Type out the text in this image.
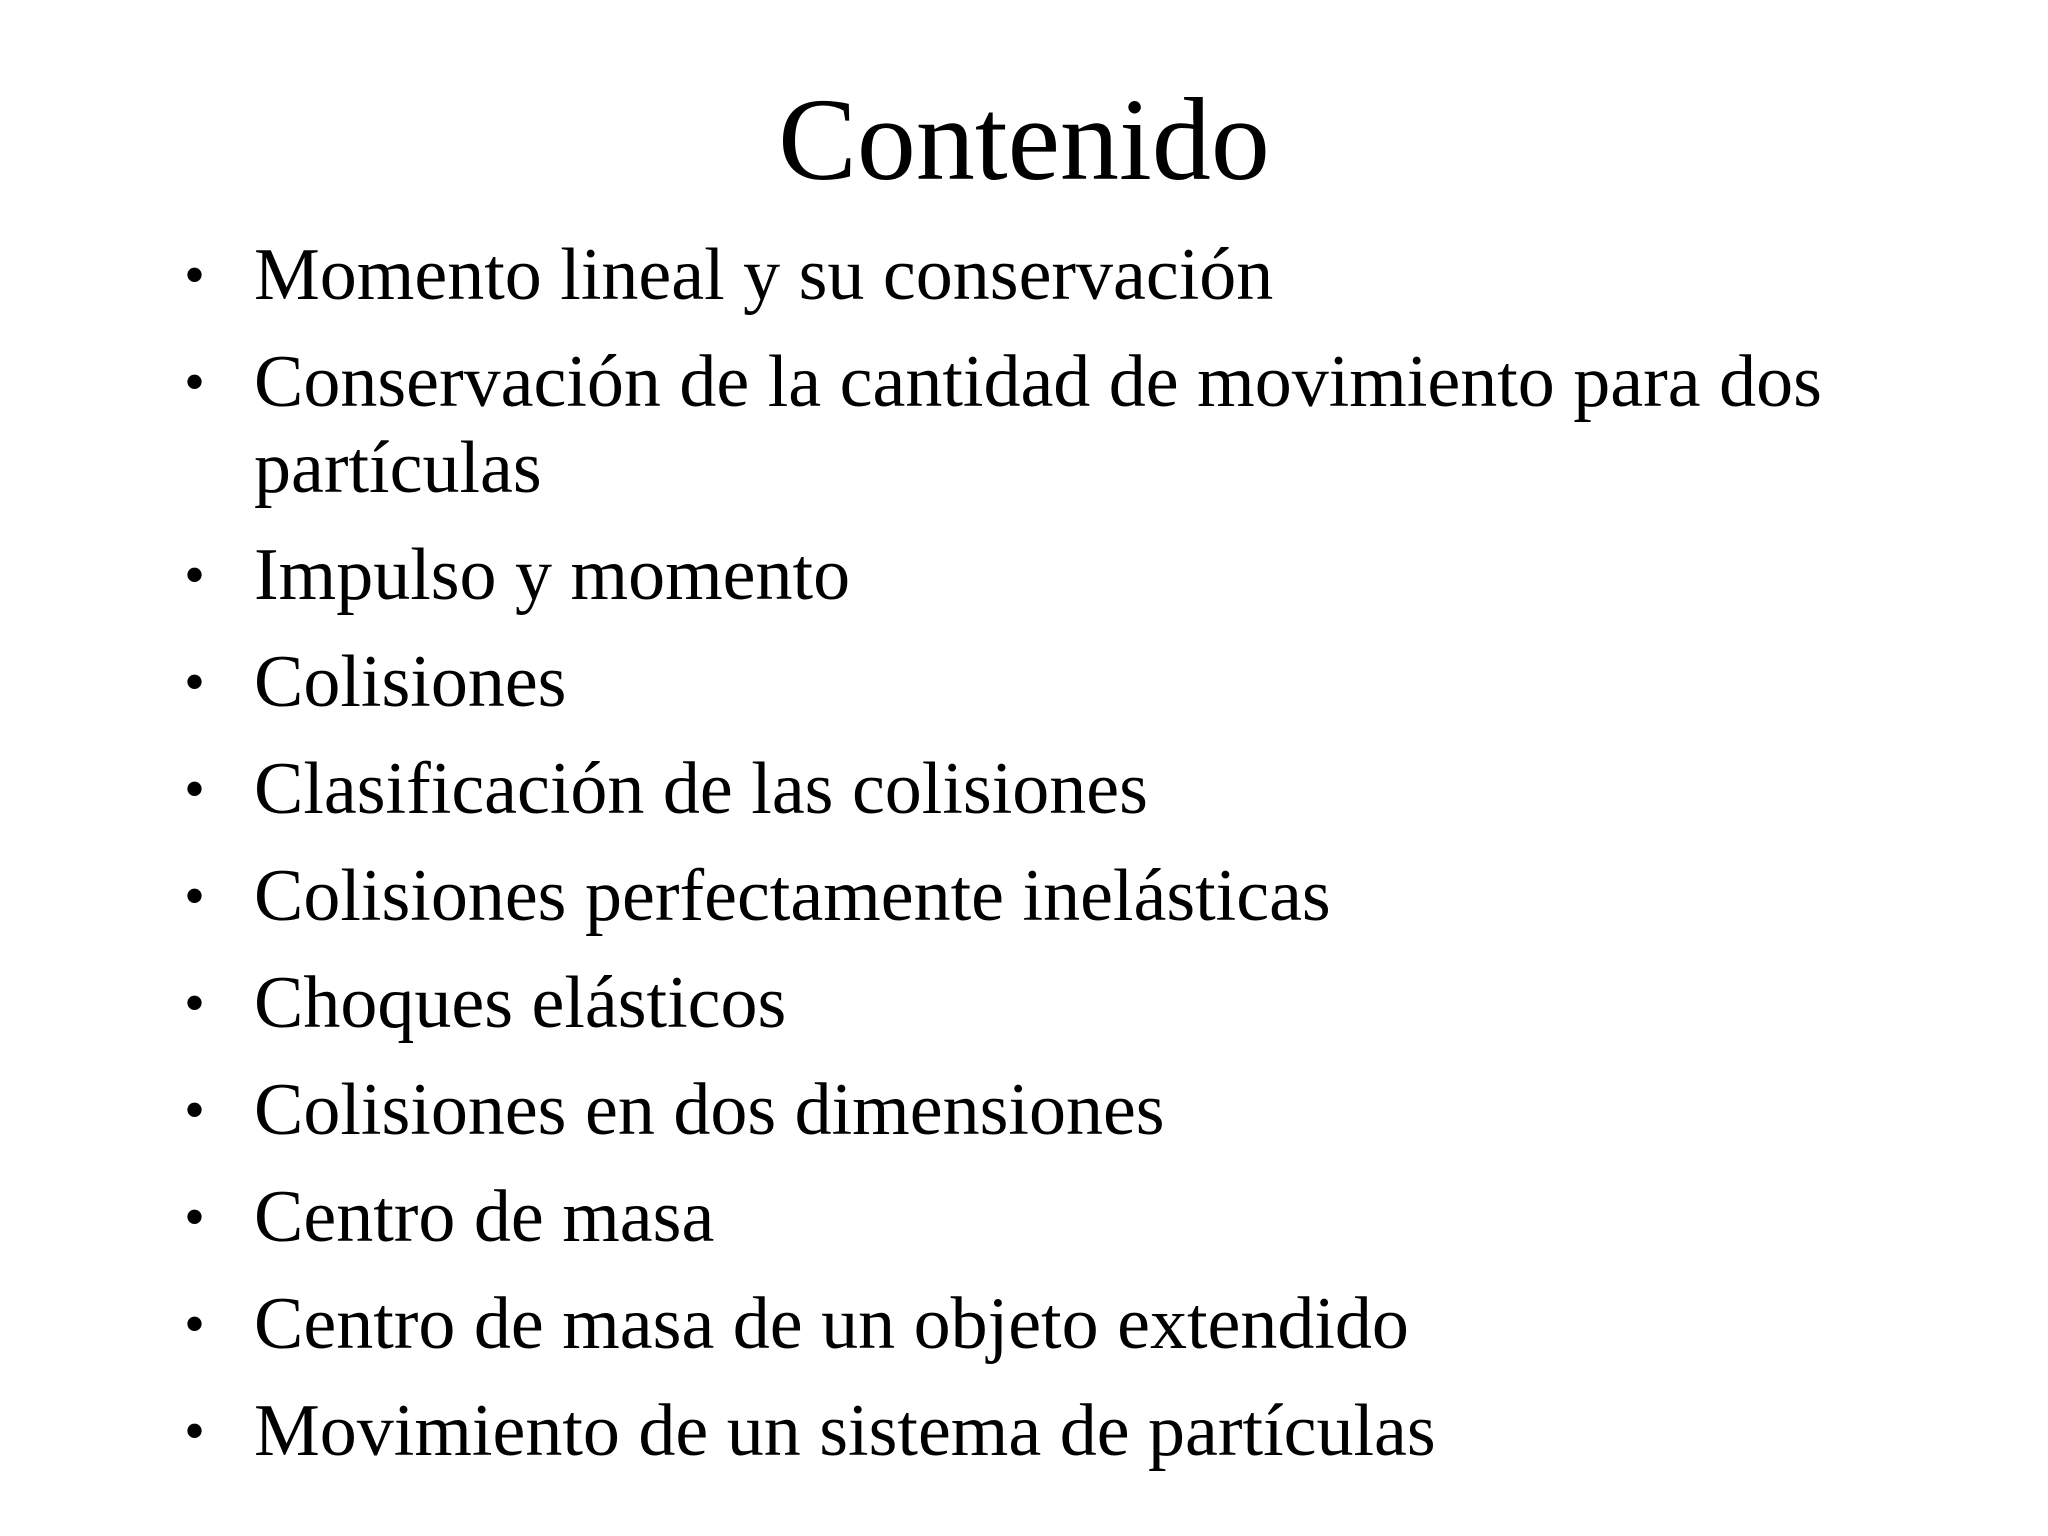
Contenido
• Momento lineal y su conservación
• Conservación de la cantidad de movimiento para dos partículas
• Impulso y momento
• Colisiones
• Clasificación de las colisiones
• Colisiones perfectamente inelásticas
• Choques elásticos
• Colisiones en dos dimensiones
• Centro de masa
• Centro de masa de un objeto extendido
• Movimiento de un sistema de partículas
